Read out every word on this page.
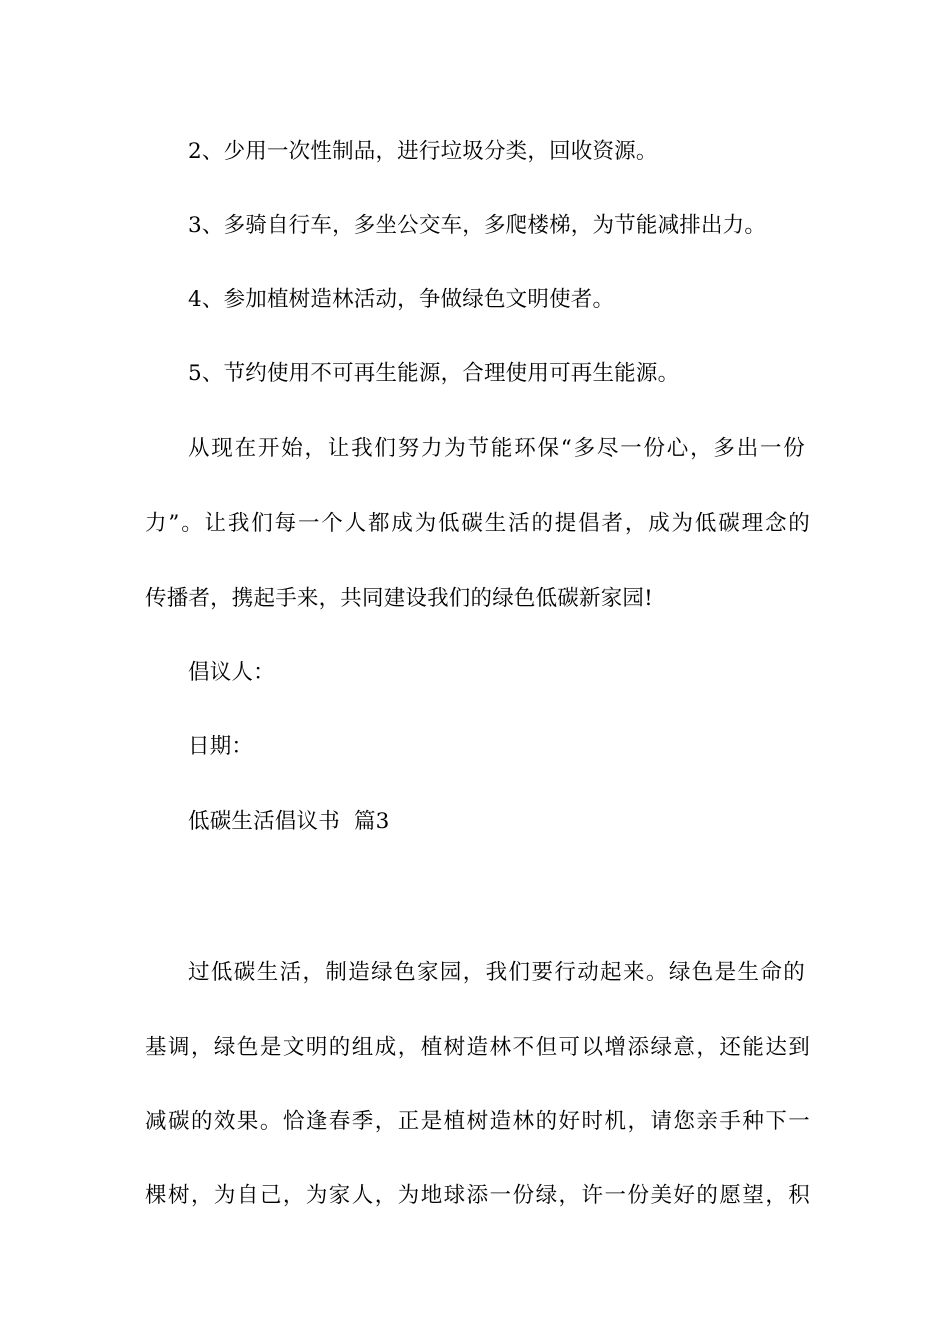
2、少用一次性制品，进行垃圾分类，回收资源。
3、多骑自行车，多坐公交车，多爬楼梯，为节能减排出力。
4、参加植树造林活动，争做绿色文明使者。
5、节约使用不可再生能源，合理使用可再生能源。
从现在开始，让我们努力为节能环保“多尽一份心，多出一份
力”。让我们每一个人都成为低碳生活的提倡者，成为低碳理念的
传播者，携起手来，共同建设我们的绿色低碳新家园!
倡议人：
日期：
低碳生活倡议书  篇3
过低碳生活，制造绿色家园，我们要行动起来。绿色是生命的
基调，绿色是文明的组成，植树造林不但可以增添绿意，还能达到
减碳的效果。恰逢春季，正是植树造林的好时机，请您亲手种下一
棵树，为自己，为家人，为地球添一份绿，许一份美好的愿望，积
